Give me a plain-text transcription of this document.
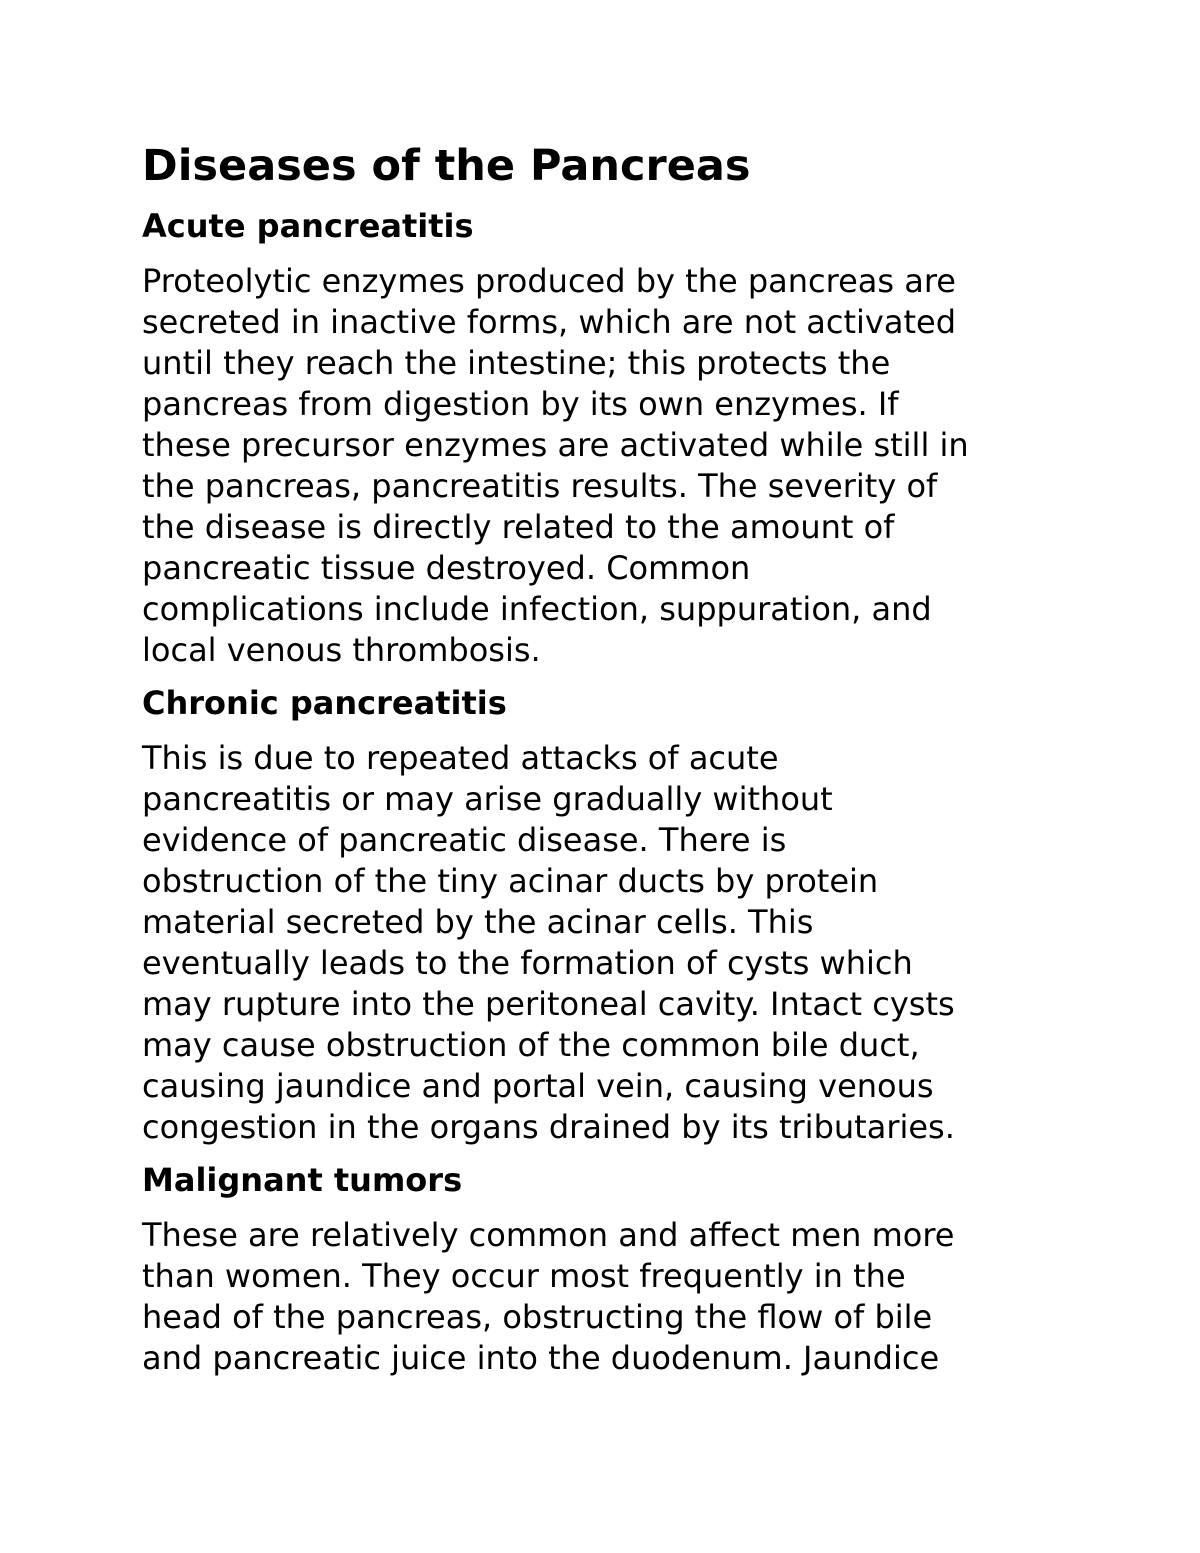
Diseases of the Pancreas
Acute pancreatitis

Proteolytic enzymes produced by the pancreas are
secreted in inactive forms, which are not activated
until they reach the intestine; this protects the
pancreas from digestion by its own enzymes. If
these precursor enzymes are activated while still in
the pancreas, pancreatitis results. The severity of
the disease is directly related to the amount of
pancreatic tissue destroyed. Common
complications include infection, suppuration, and
local venous thrombosis.

Chronic pancreatitis

This is due to repeated attacks of acute
pancreatitis or may arise gradually without
evidence of pancreatic disease. There is
obstruction of the tiny acinar ducts by protein
material secreted by the acinar cells. This
eventually leads to the formation of cysts which
may rupture into the peritoneal cavity. Intact cysts
may cause obstruction of the common bile duct,
causing jaundice and portal vein, causing venous
congestion in the organs drained by its tributaries.

Malignant tumors

These are relatively common and affect men more
than women. They occur most frequently in the
head of the pancreas, obstructing the flow of bile
and pancreatic juice into the duodenum. Jaundice
